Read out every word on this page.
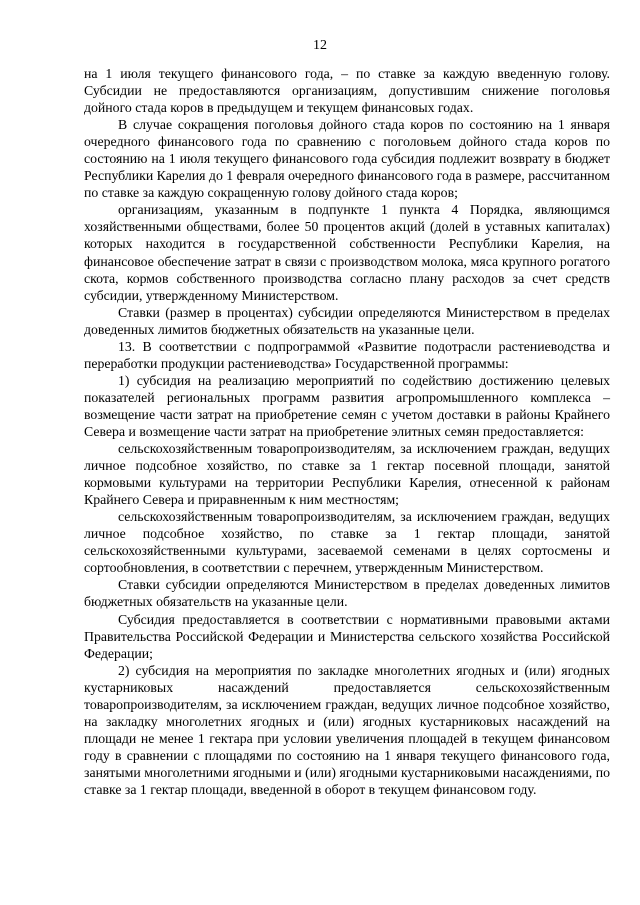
12

на 1 июля текущего финансового года, – по ставке за каждую введенную голову. Субсидии не предоставляются организациям, допустившим снижение поголовья дойного стада коров в предыдущем и текущем финансовых годах.

В случае сокращения поголовья дойного стада коров по состоянию на 1 января очередного финансового года по сравнению с поголовьем дойного стада коров по состоянию на 1 июля текущего финансового года субсидия подлежит возврату в бюджет Республики Карелия до 1 февраля очередного финансового года в размере, рассчитанном по ставке за каждую сокращенную голову дойного стада коров;

организациям, указанным в подпункте 1 пункта 4 Порядка, являющимся хозяйственными обществами, более 50 процентов акций (долей в уставных капиталах) которых находится в государственной собственности Республики Карелия, на финансовое обеспечение затрат в связи с производством молока, мяса крупного рогатого скота, кормов собственного производства согласно плану расходов за счет средств субсидии, утвержденному Министерством.

Ставки (размер в процентах) субсидии определяются Министерством в пределах доведенных лимитов бюджетных обязательств на указанные цели.

13. В соответствии с подпрограммой «Развитие подотрасли растениеводства и переработки продукции растениеводства» Государственной программы:

1) субсидия на реализацию мероприятий по содействию достижению целевых показателей региональных программ развития агропромышленного комплекса – возмещение части затрат на приобретение семян с учетом доставки в районы Крайнего Севера и возмещение части затрат на приобретение элитных семян предоставляется:

сельскохозяйственным товаропроизводителям, за исключением граждан, ведущих личное подсобное хозяйство, по ставке за 1 гектар посевной площади, занятой кормовыми культурами на территории Республики Карелия, отнесенной к районам Крайнего Севера и приравненным к ним местностям;

сельскохозяйственным товаропроизводителям, за исключением граждан, ведущих личное подсобное хозяйство, по ставке за 1 гектар площади, занятой сельскохозяйственными культурами, засеваемой семенами в целях сортосмены и сортообновления, в соответствии с перечнем, утвержденным Министерством.

Ставки субсидии определяются Министерством в пределах доведенных лимитов бюджетных обязательств на указанные цели.

Субсидия предоставляется в соответствии с нормативными правовыми актами Правительства Российской Федерации и Министерства сельского хозяйства Российской Федерации;

2) субсидия на мероприятия по закладке многолетних ягодных и (или) ягодных кустарниковых насаждений предоставляется сельскохозяйственным товаропроизводителям, за исключением граждан, ведущих личное подсобное хозяйство, на закладку многолетних ягодных и (или) ягодных кустарниковых насаждений на площади не менее 1 гектара при условии увеличения площадей в текущем финансовом году в сравнении с площадями по состоянию на 1 января текущего финансового года, занятыми многолетними ягодными и (или) ягодными кустарниковыми насаждениями, по ставке за 1 гектар площади, введенной в оборот в текущем финансовом году.
